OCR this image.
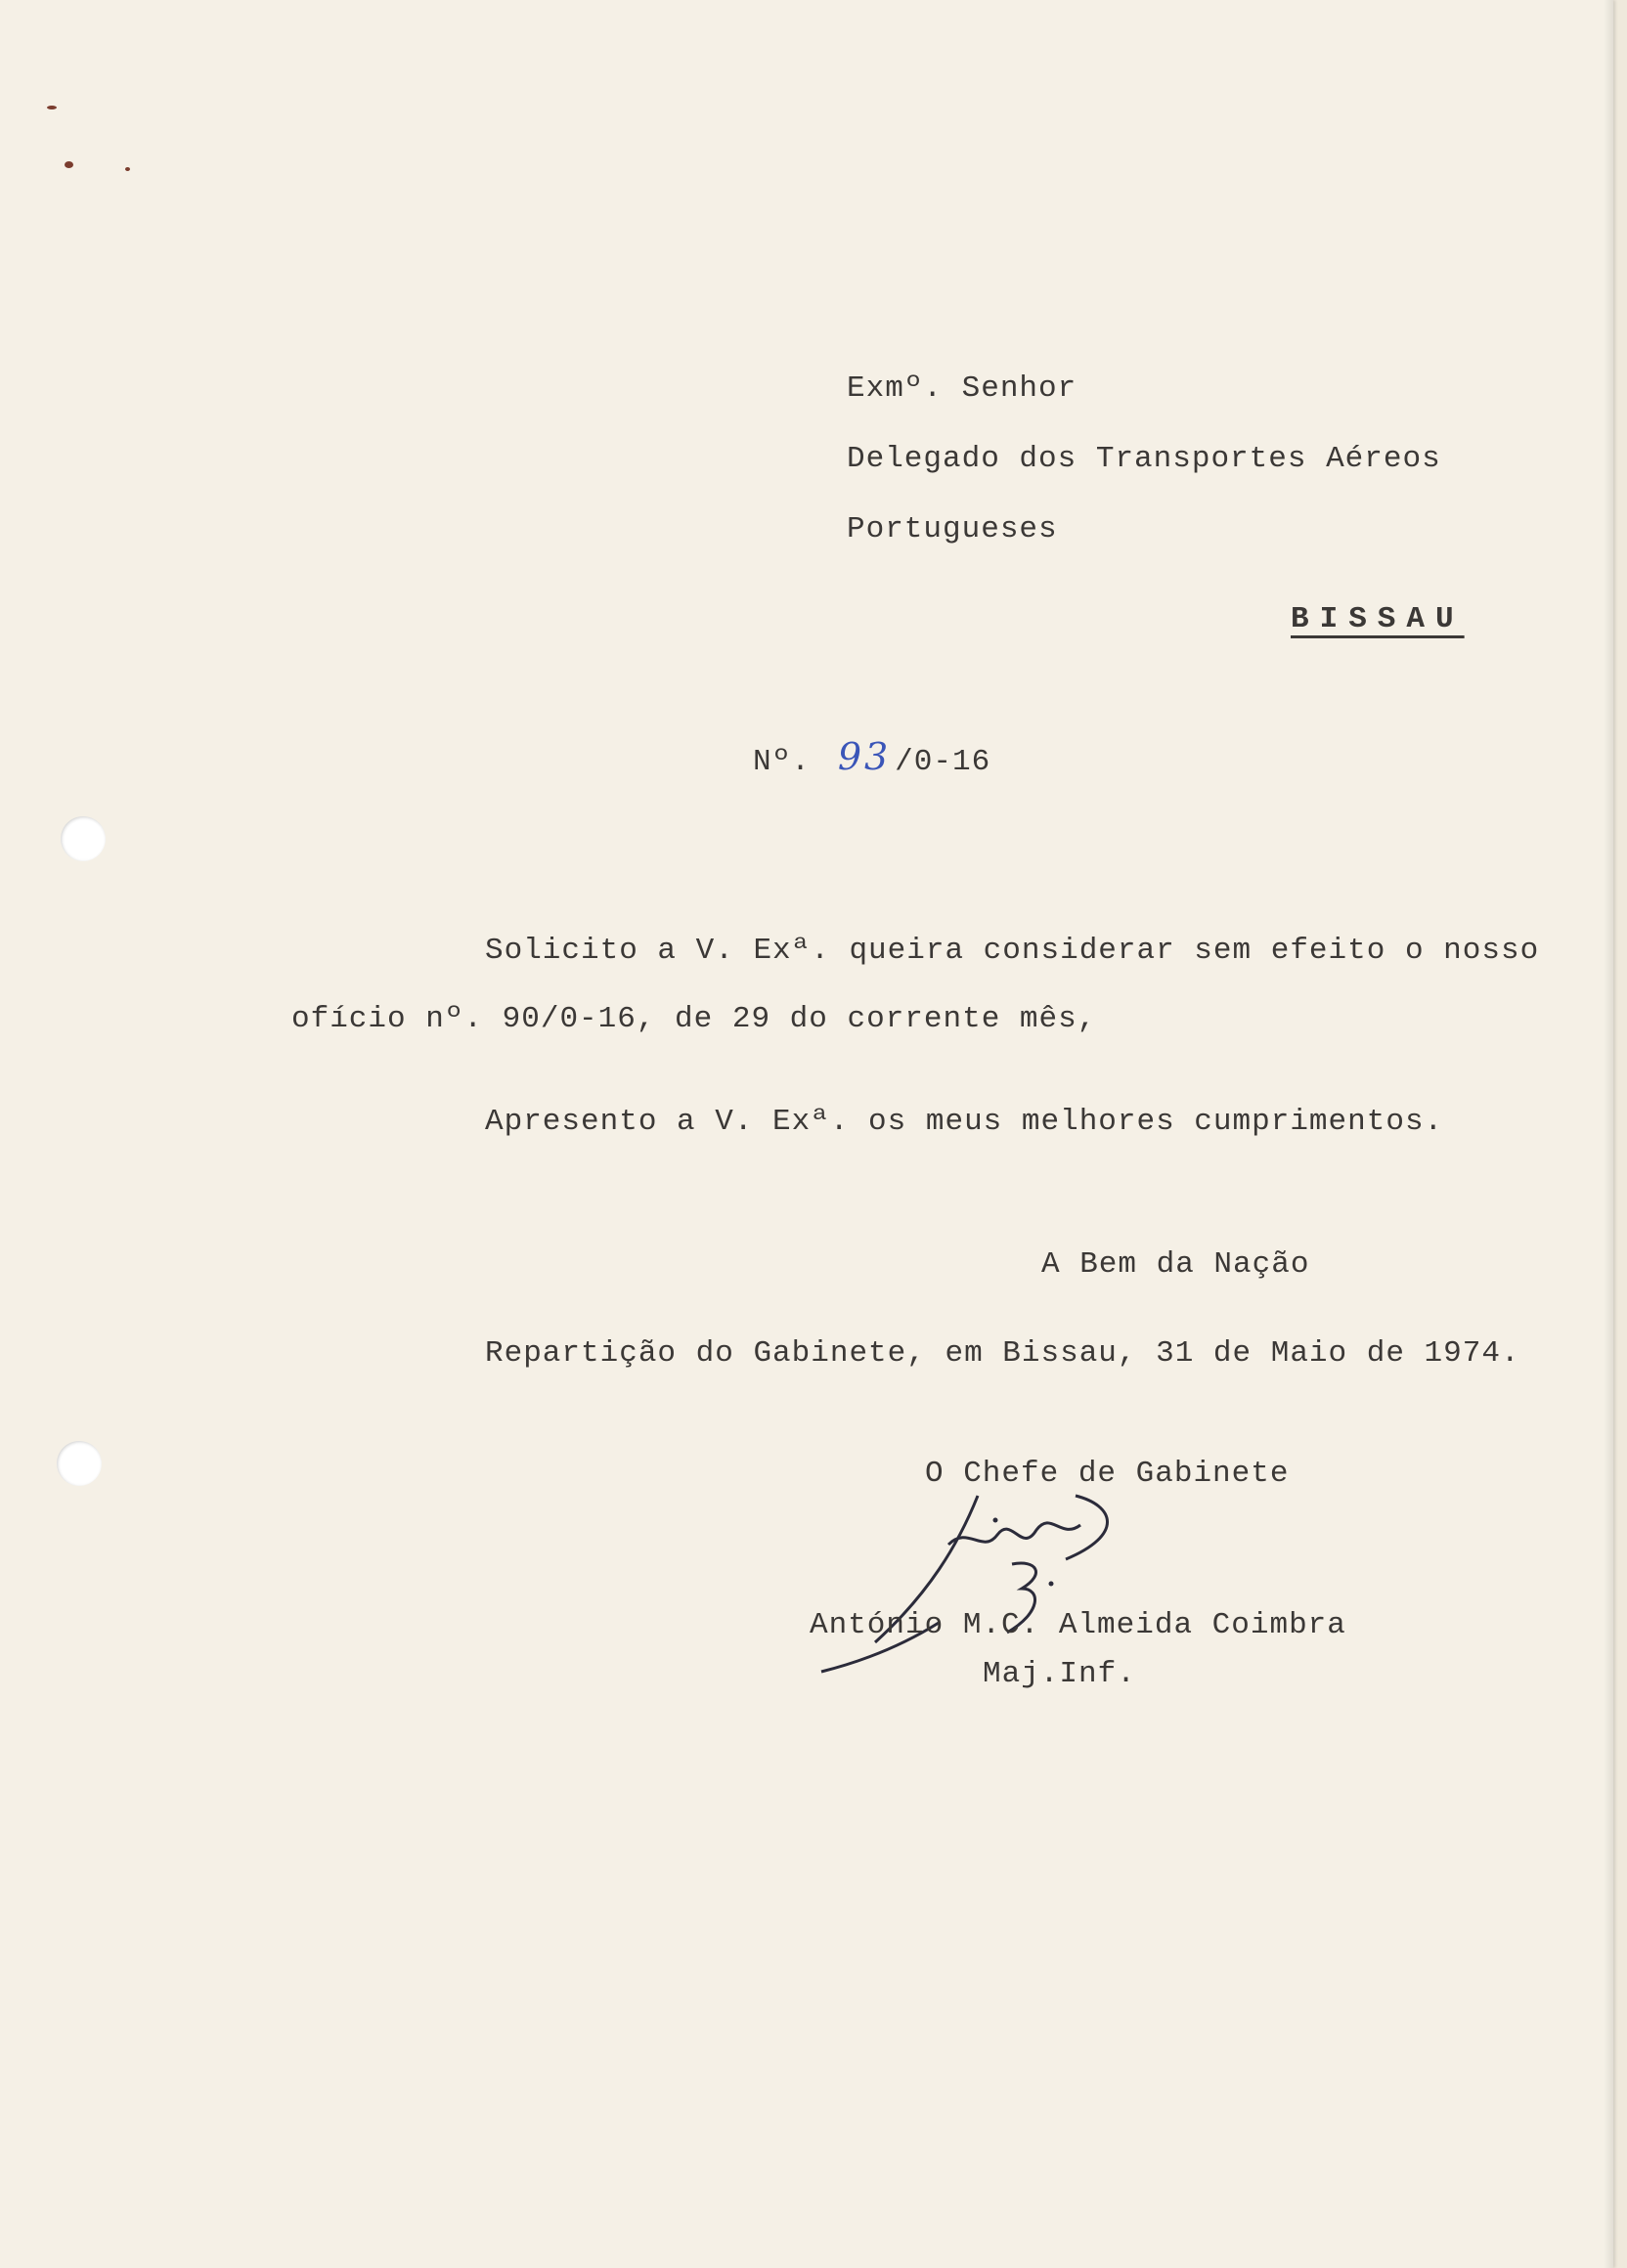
Exmº. Senhor

Delegado dos Transportes Aéreos

Portugueses

BISSAU

Nº. 93 /0-16

Solicito a V. Exª. queira considerar sem efeito o nosso

ofício nº. 90/0-16, de 29 do corrente mês,

Apresento a V. Exª. os meus melhores cumprimentos.

A Bem da Nação

Repartição do Gabinete, em Bissau, 31 de Maio de 1974.

O Chefe de Gabinete

António M.C. Almeida Coimbra

Maj.Inf.
